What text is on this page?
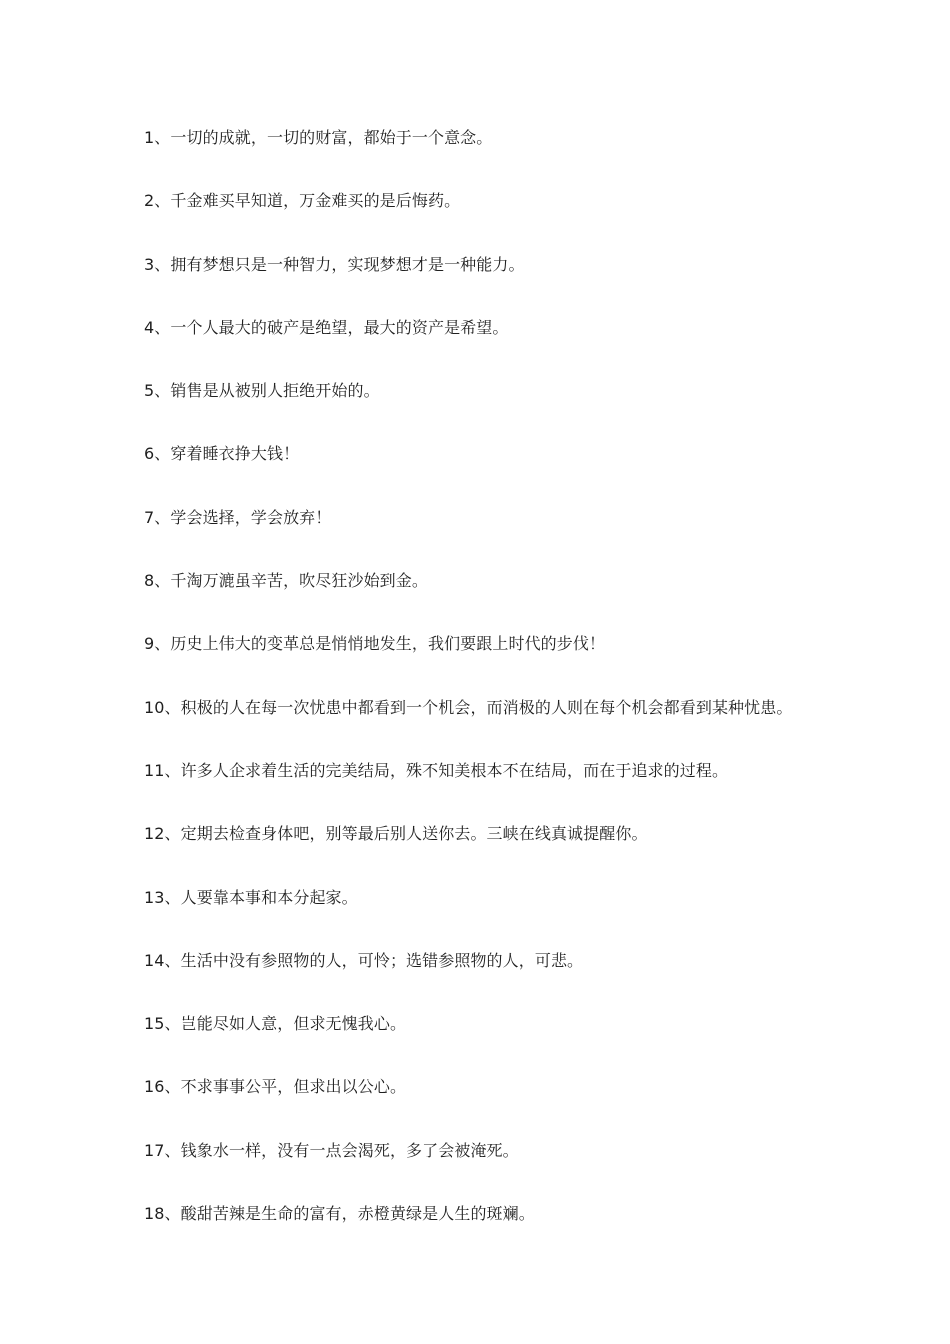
1、一切的成就，一切的财富，都始于一个意念。
2、千金难买早知道，万金难买的是后悔药。
3、拥有梦想只是一种智力，实现梦想才是一种能力。
4、一个人最大的破产是绝望，最大的资产是希望。
5、销售是从被别人拒绝开始的。
6、穿着睡衣挣大钱！
7、学会选择，学会放弃！
8、千淘万漉虽辛苦，吹尽狂沙始到金。
9、历史上伟大的变革总是悄悄地发生，我们要跟上时代的步伐！
10、积极的人在每一次忧患中都看到一个机会，而消极的人则在每个机会都看到某种忧患。
11、许多人企求着生活的完美结局，殊不知美根本不在结局，而在于追求的过程。
12、定期去检查身体吧，别等最后别人送你去。三峡在线真诚提醒你。
13、人要靠本事和本分起家。
14、生活中没有参照物的人，可怜；选错参照物的人，可悲。
15、岂能尽如人意，但求无愧我心。
16、不求事事公平，但求出以公心。
17、钱象水一样，没有一点会渴死，多了会被淹死。
18、酸甜苦辣是生命的富有，赤橙黄绿是人生的斑斓。
